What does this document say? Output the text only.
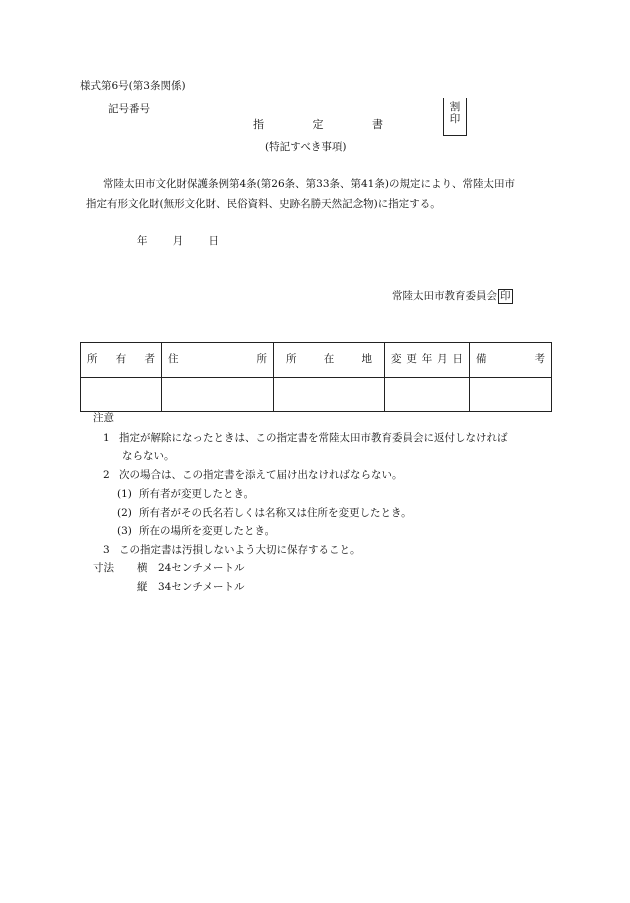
様式第6号(第3条関係)
記号番号
指	定	書
割
印
(特記すべき事項)
常陸太田市文化財保護条例第4条(第26条、第33条、第41条)の規定により、常陸太田市
指定有形文化財(無形文化財、民俗資料、史跡名勝天然記念物)に指定する。
年 月 日
常陸太田市教育委員会 印
所 有 者	住 所	所 在 地	変 更 年 月 日	備 考

注意
1 指定が解除になったときは、この指定書を常陸太田市教育委員会に返付しなければ
ならない。
2 次の場合は、この指定書を添えて届け出なければならない。
(1) 所有者が変更したとき。
(2) 所有者がその氏名若しくは名称又は住所を変更したとき。
(3) 所在の場所を変更したとき。
3 この指定書は汚損しないよう大切に保存すること。
寸法 横 24センチメートル
縦 34センチメートル
